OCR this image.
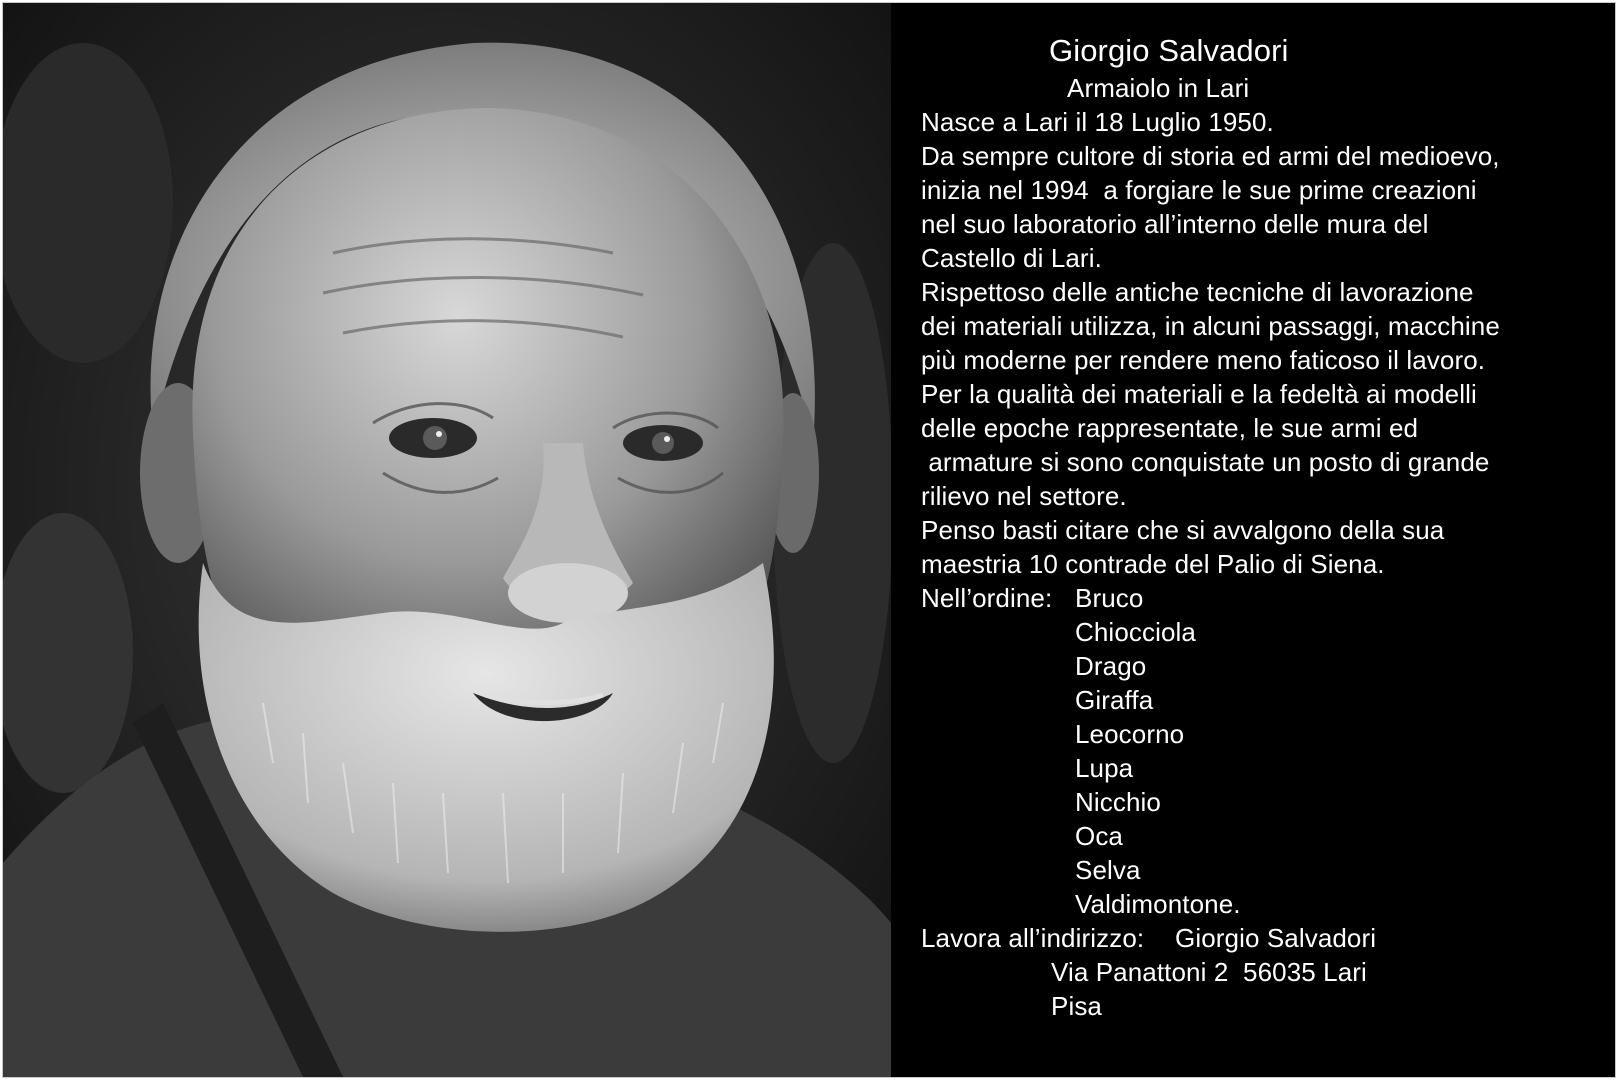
Giorgio Salvadori
Armaiolo in Lari
Nasce a Lari il 18 Luglio 1950.
Da sempre cultore di storia ed armi del medioevo,
inizia nel 1994  a forgiare le sue prime creazioni
nel suo laboratorio all’interno delle mura del
Castello di Lari.
Rispettoso delle antiche tecniche di lavorazione
dei materiali utilizza, in alcuni passaggi, macchine
più moderne per rendere meno faticoso il lavoro.
Per la qualità dei materiali e la fedeltà ai modelli
delle epoche rappresentate, le sue armi ed
armature si sono conquistate un posto di grande
rilievo nel settore.
Penso basti citare che si avvalgono della sua
maestria 10 contrade del Palio di Siena.
Nell’ordine: Bruco
Chiocciola
Drago
Giraffa
Leocorno
Lupa
Nicchio
Oca
Selva
Valdimontone.
Lavora all’indirizzo: Giorgio Salvadori
Via Panattoni 2  56035 Lari
Pisa
